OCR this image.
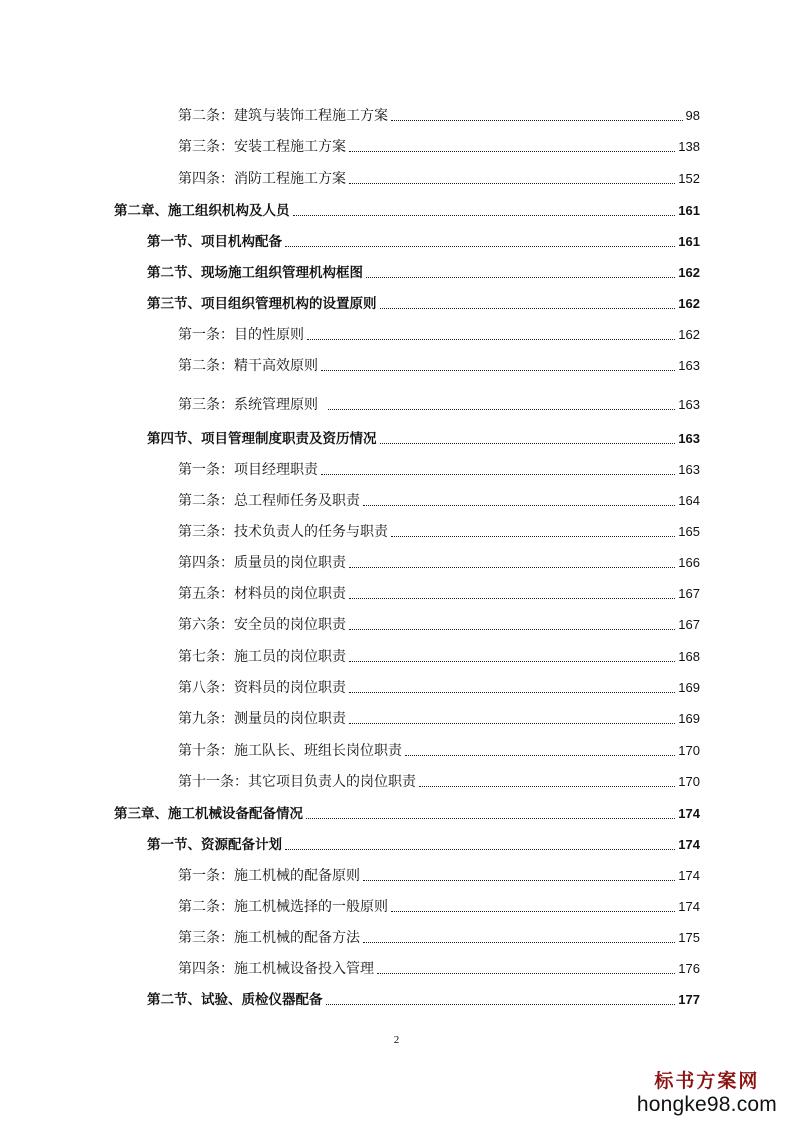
第二条：建筑与装饰工程施工方案	98
第三条：安装工程施工方案	138
第四条：消防工程施工方案	152
第二章、施工组织机构及人员	161
第一节、项目机构配备	161
第二节、现场施工组织管理机构框图	162
第三节、项目组织管理机构的设置原则	162
第一条：目的性原则	162
第二条：精干高效原则	163
第三条：系统管理原则	163
第四节、项目管理制度职责及资历情况	163
第一条：项目经理职责	163
第二条：总工程师任务及职责	164
第三条：技术负责人的任务与职责	165
第四条：质量员的岗位职责	166
第五条：材料员的岗位职责	167
第六条：安全员的岗位职责	167
第七条：施工员的岗位职责	168
第八条：资料员的岗位职责	169
第九条：测量员的岗位职责	169
第十条：施工队长、班组长岗位职责	170
第十一条：其它项目负责人的岗位职责	170
第三章、施工机械设备配备情况	174
第一节、资源配备计划	174
第一条：施工机械的配备原则	174
第二条：施工机械选择的一般原则	174
第三条：施工机械的配备方法	175
第四条：施工机械设备投入管理	176
第二节、试验、质检仪器配备	177
2
标书方案网
hongke98.com
